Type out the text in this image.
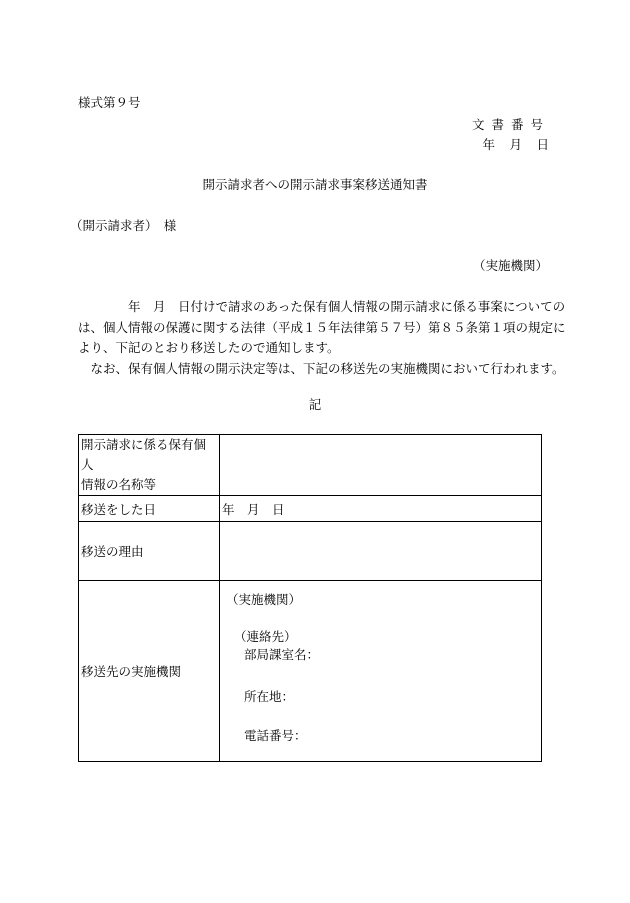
様式第９号
文書番号
年　月　日
開示請求者への開示請求事案移送通知書
（開示請求者）　様
（実施機関）

　　　　年　月　日付けで請求のあった保有個人情報の開示請求に係る事案についての

は、個人情報の保護に関する法律（平成１５年法律第５７号）第８５条第１項の規定に

より、下記のとおり移送したので通知します。

　なお、保有個人情報の開示決定等は、下記の移送先の実施機関において行われます。

記
開示請求に係る保有個人
情報の名称等	

移送をした日	年　月　日
移送の理由	
移送先の実施機関	（実施機関）
（連絡先）
部局課室名：
所在地：
電話番号：
